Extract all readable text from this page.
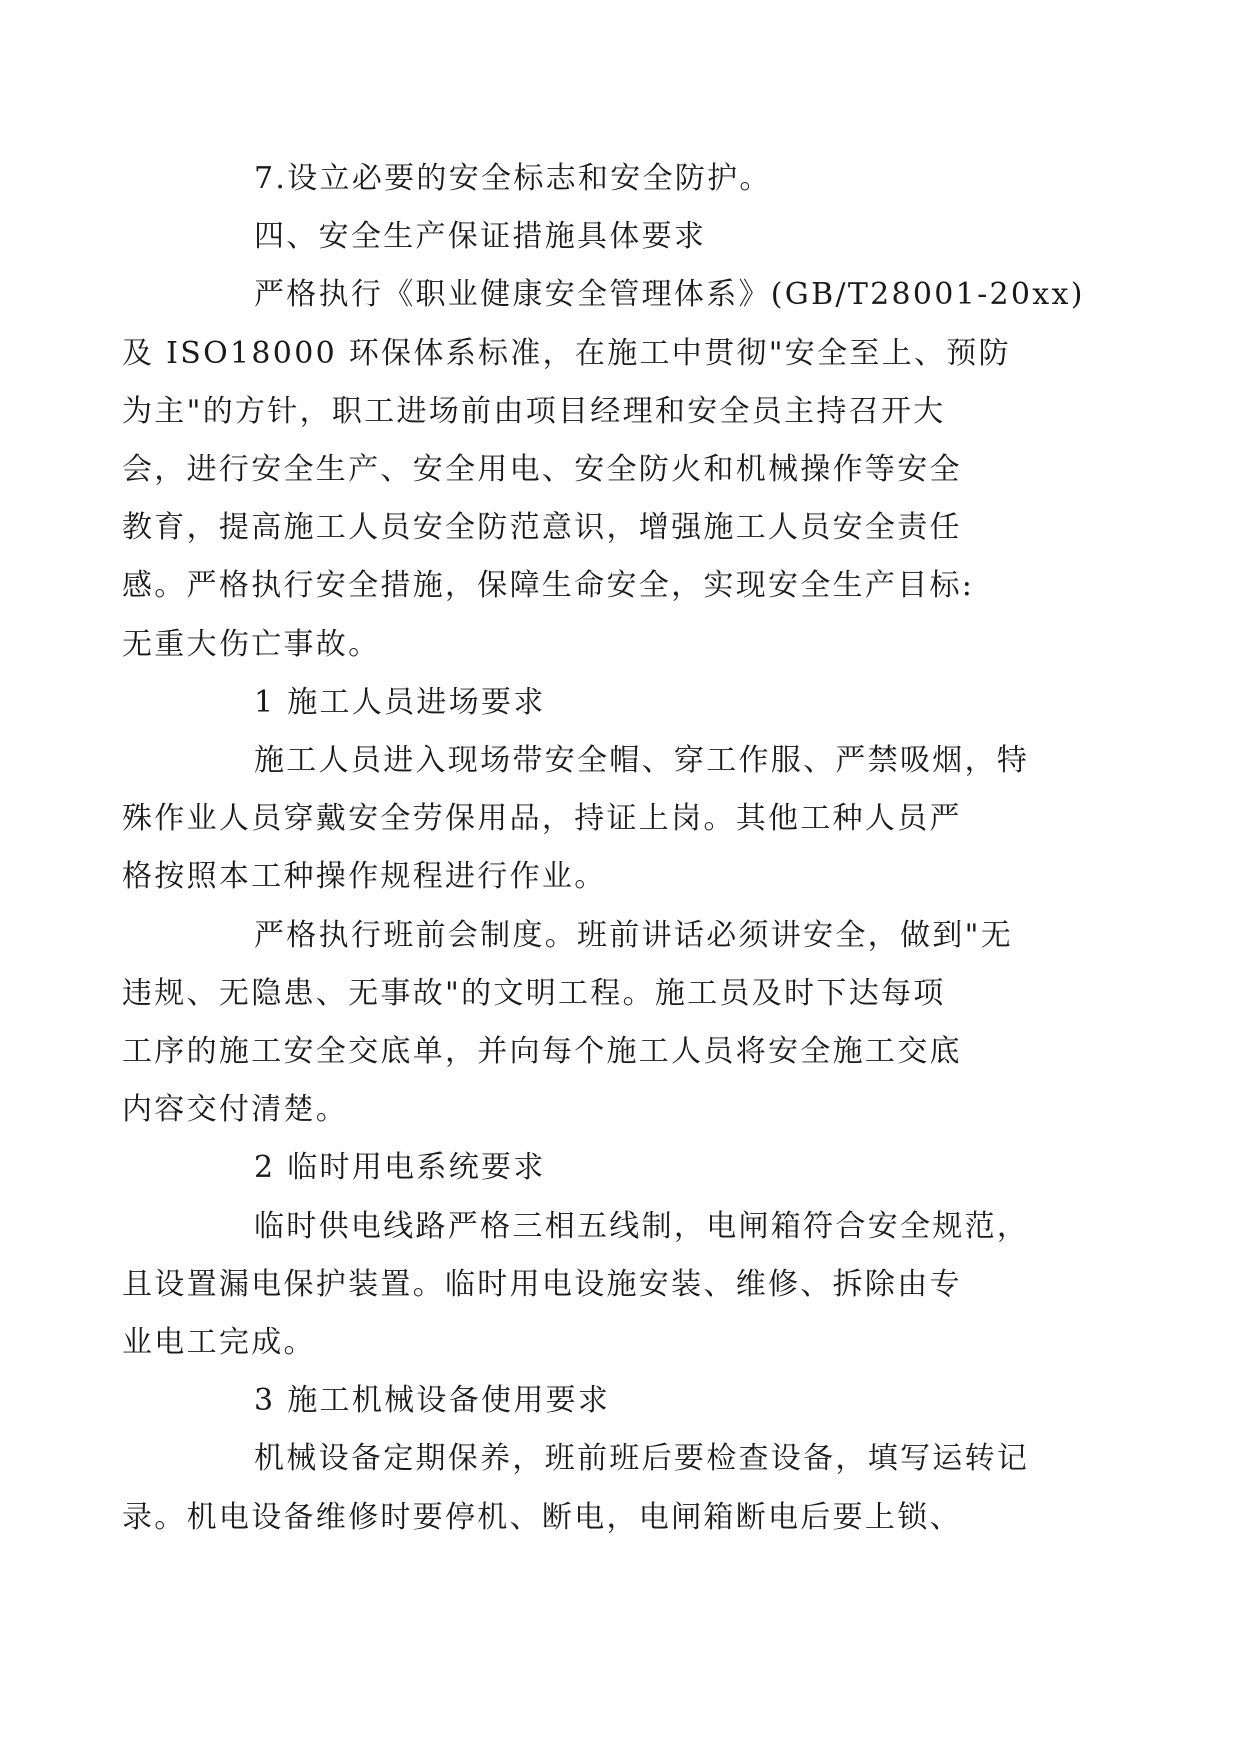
7.设立必要的安全标志和安全防护。
四、安全生产保证措施具体要求
严格执行《职业健康安全管理体系》(GB/T28001-20xx)
及 ISO18000 环保体系标准，在施工中贯彻"安全至上、预防
为主"的方针，职工进场前由项目经理和安全员主持召开大
会，进行安全生产、安全用电、安全防火和机械操作等安全
教育，提高施工人员安全防范意识，增强施工人员安全责任
感。严格执行安全措施，保障生命安全，实现安全生产目标:
无重大伤亡事故。
1 施工人员进场要求
施工人员进入现场带安全帽、穿工作服、严禁吸烟，特
殊作业人员穿戴安全劳保用品，持证上岗。其他工种人员严
格按照本工种操作规程进行作业。
严格执行班前会制度。班前讲话必须讲安全，做到"无
违规、无隐患、无事故"的文明工程。施工员及时下达每项
工序的施工安全交底单，并向每个施工人员将安全施工交底
内容交付清楚。
2 临时用电系统要求
临时供电线路严格三相五线制，电闸箱符合安全规范，
且设置漏电保护装置。临时用电设施安装、维修、拆除由专
业电工完成。
3 施工机械设备使用要求
机械设备定期保养，班前班后要检查设备，填写运转记
录。机电设备维修时要停机、断电，电闸箱断电后要上锁、
